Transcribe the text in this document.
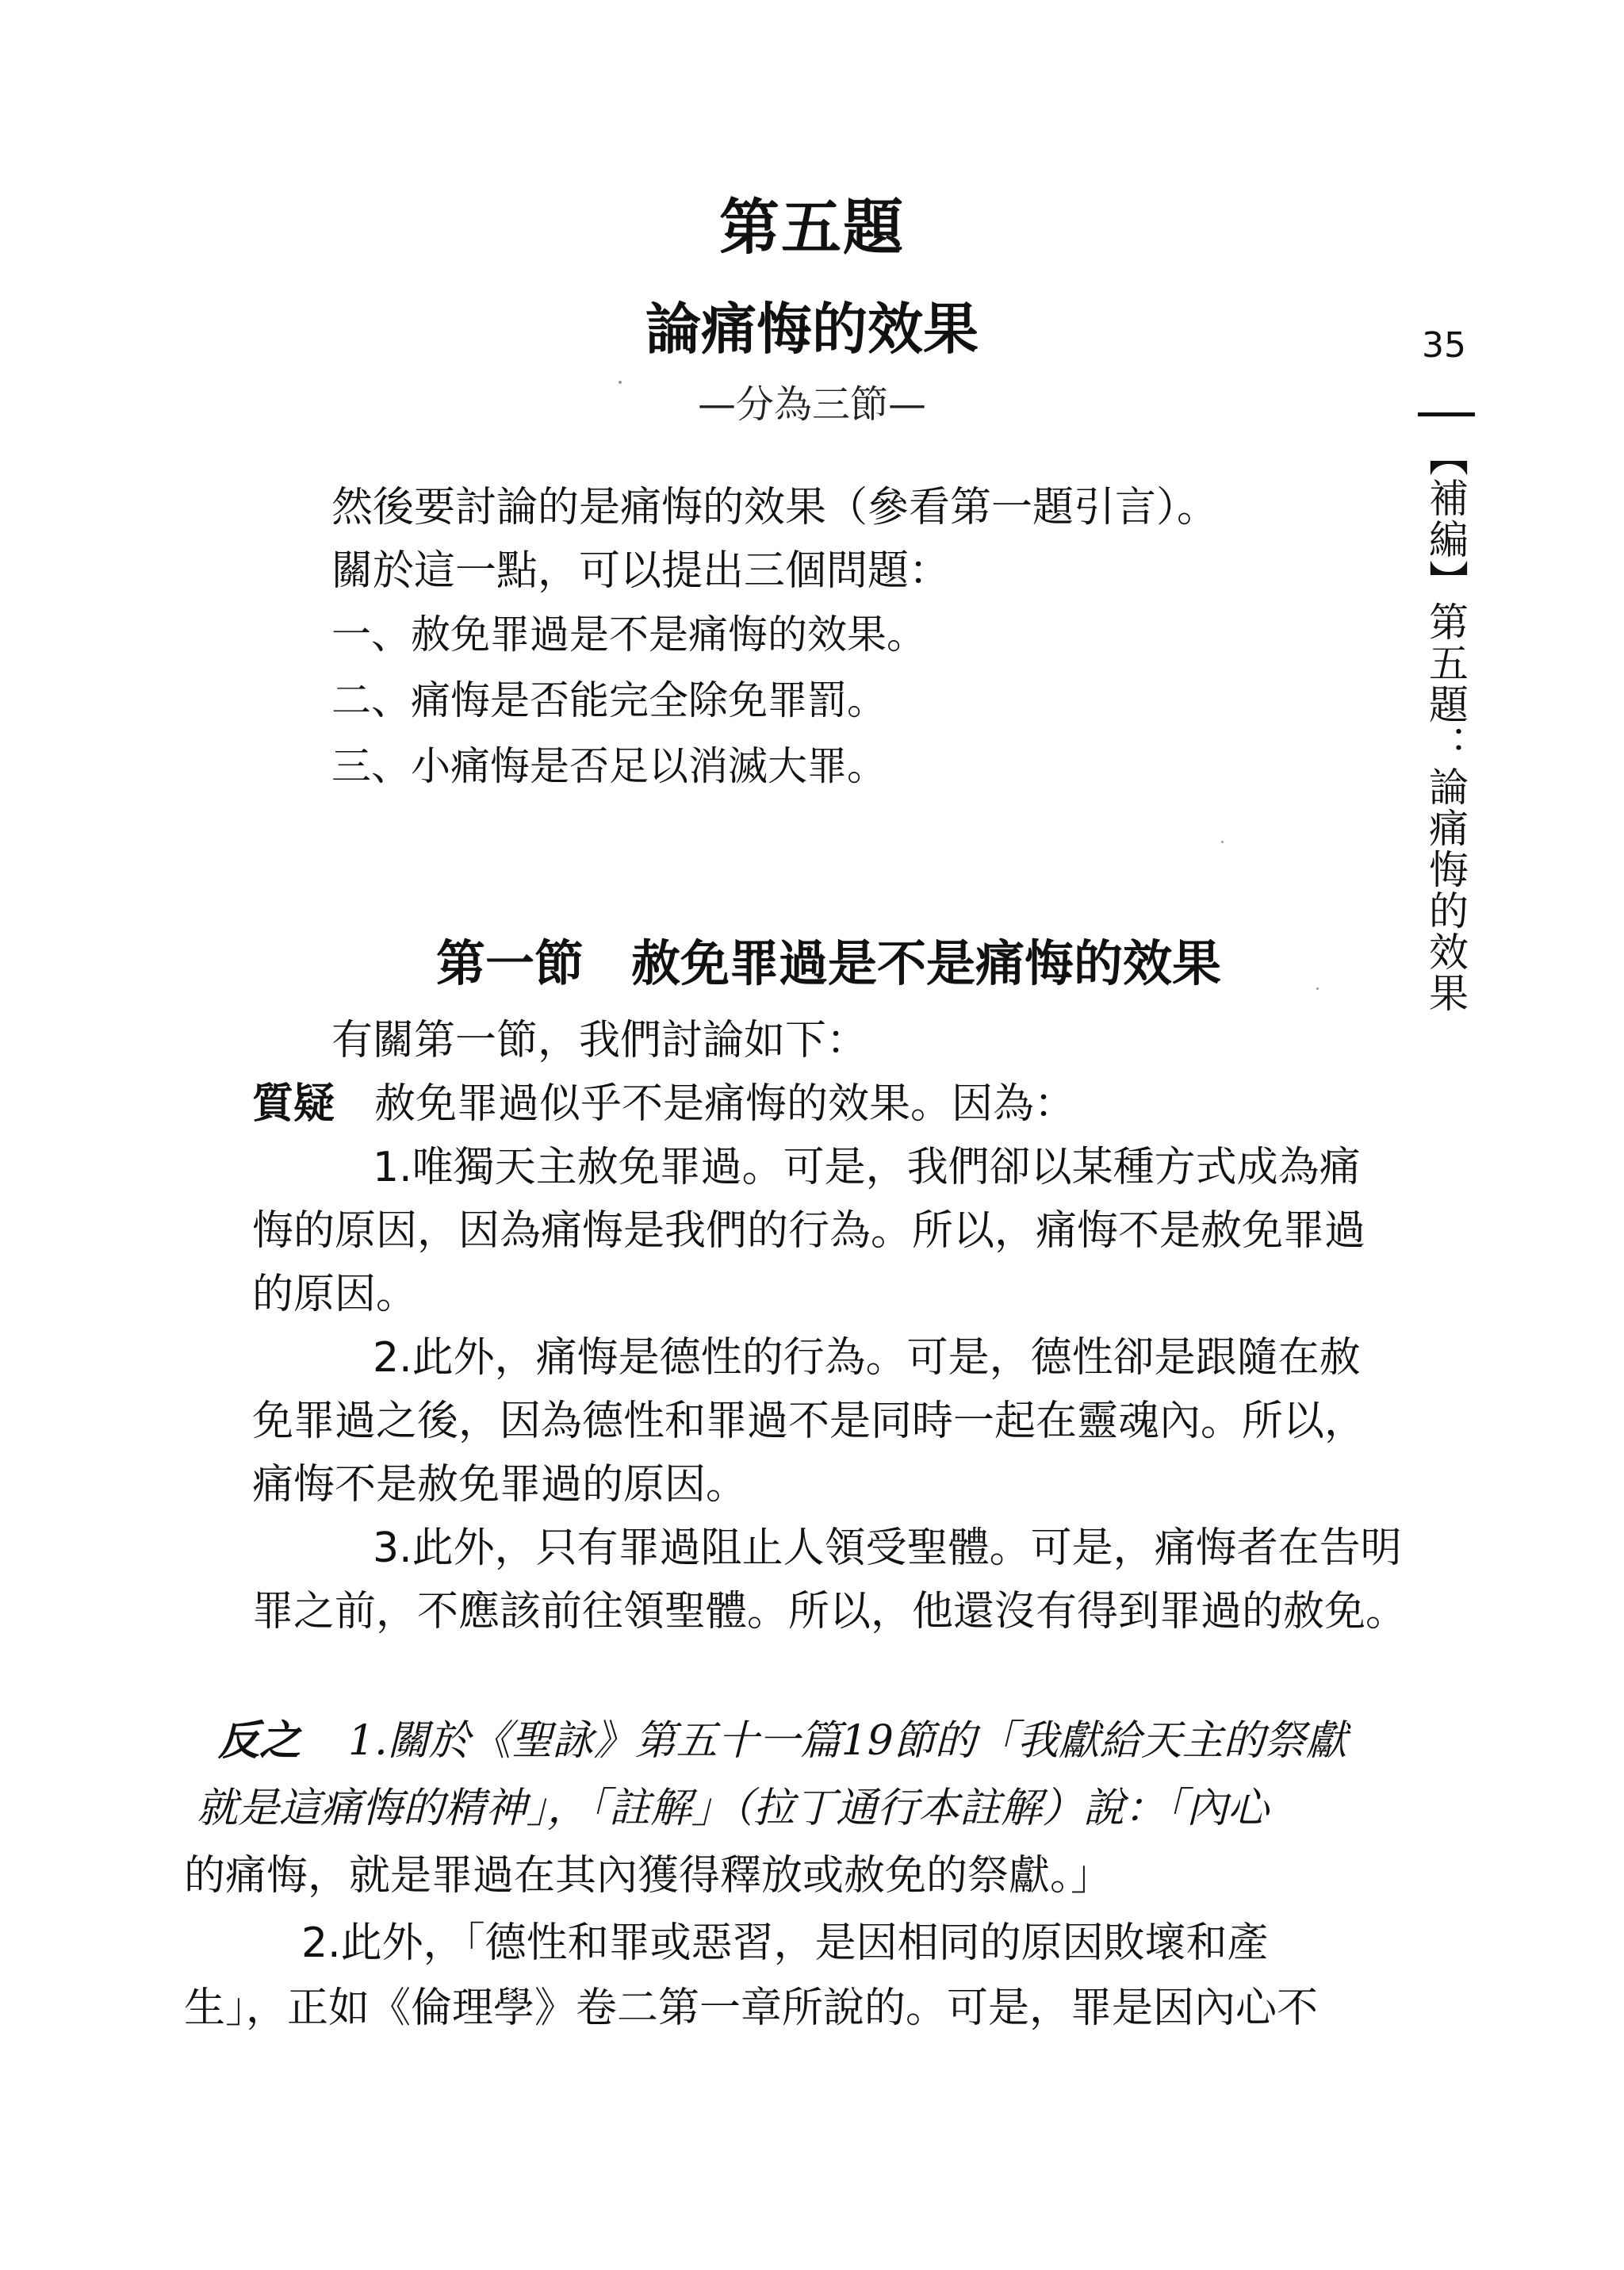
35
【補編】第五題：論痛悔的效果
第五題
論痛悔的效果
—分為三節—
然後要討論的是痛悔的效果（參看第一題引言）。
關於這一點，可以提出三個問題：
一、赦免罪過是不是痛悔的效果。
二、痛悔是否能完全除免罪罰。
三、小痛悔是否足以消滅大罪。
第一節 赦免罪過是不是痛悔的效果
有關第一節，我們討論如下：
質疑 赦免罪過似乎不是痛悔的效果。因為：
1.唯獨天主赦免罪過。可是，我們卻以某種方式成為痛
悔的原因，因為痛悔是我們的行為。所以，痛悔不是赦免罪過
的原因。
2.此外，痛悔是德性的行為。可是，德性卻是跟隨在赦
免罪過之後，因為德性和罪過不是同時一起在靈魂內。所以，
痛悔不是赦免罪過的原因。
3.此外，只有罪過阻止人領受聖體。可是，痛悔者在告明
罪之前，不應該前往領聖體。所以，他還沒有得到罪過的赦免。
反之 1.關於《聖詠》第五十一篇19節的「我獻給天主的祭獻
就是這痛悔的精神」，「註解」（拉丁通行本註解）說：「內心
的痛悔，就是罪過在其內獲得釋放或赦免的祭獻。」
2.此外，「德性和罪或惡習，是因相同的原因敗壞和產
生」，正如《倫理學》卷二第一章所說的。可是，罪是因內心不
